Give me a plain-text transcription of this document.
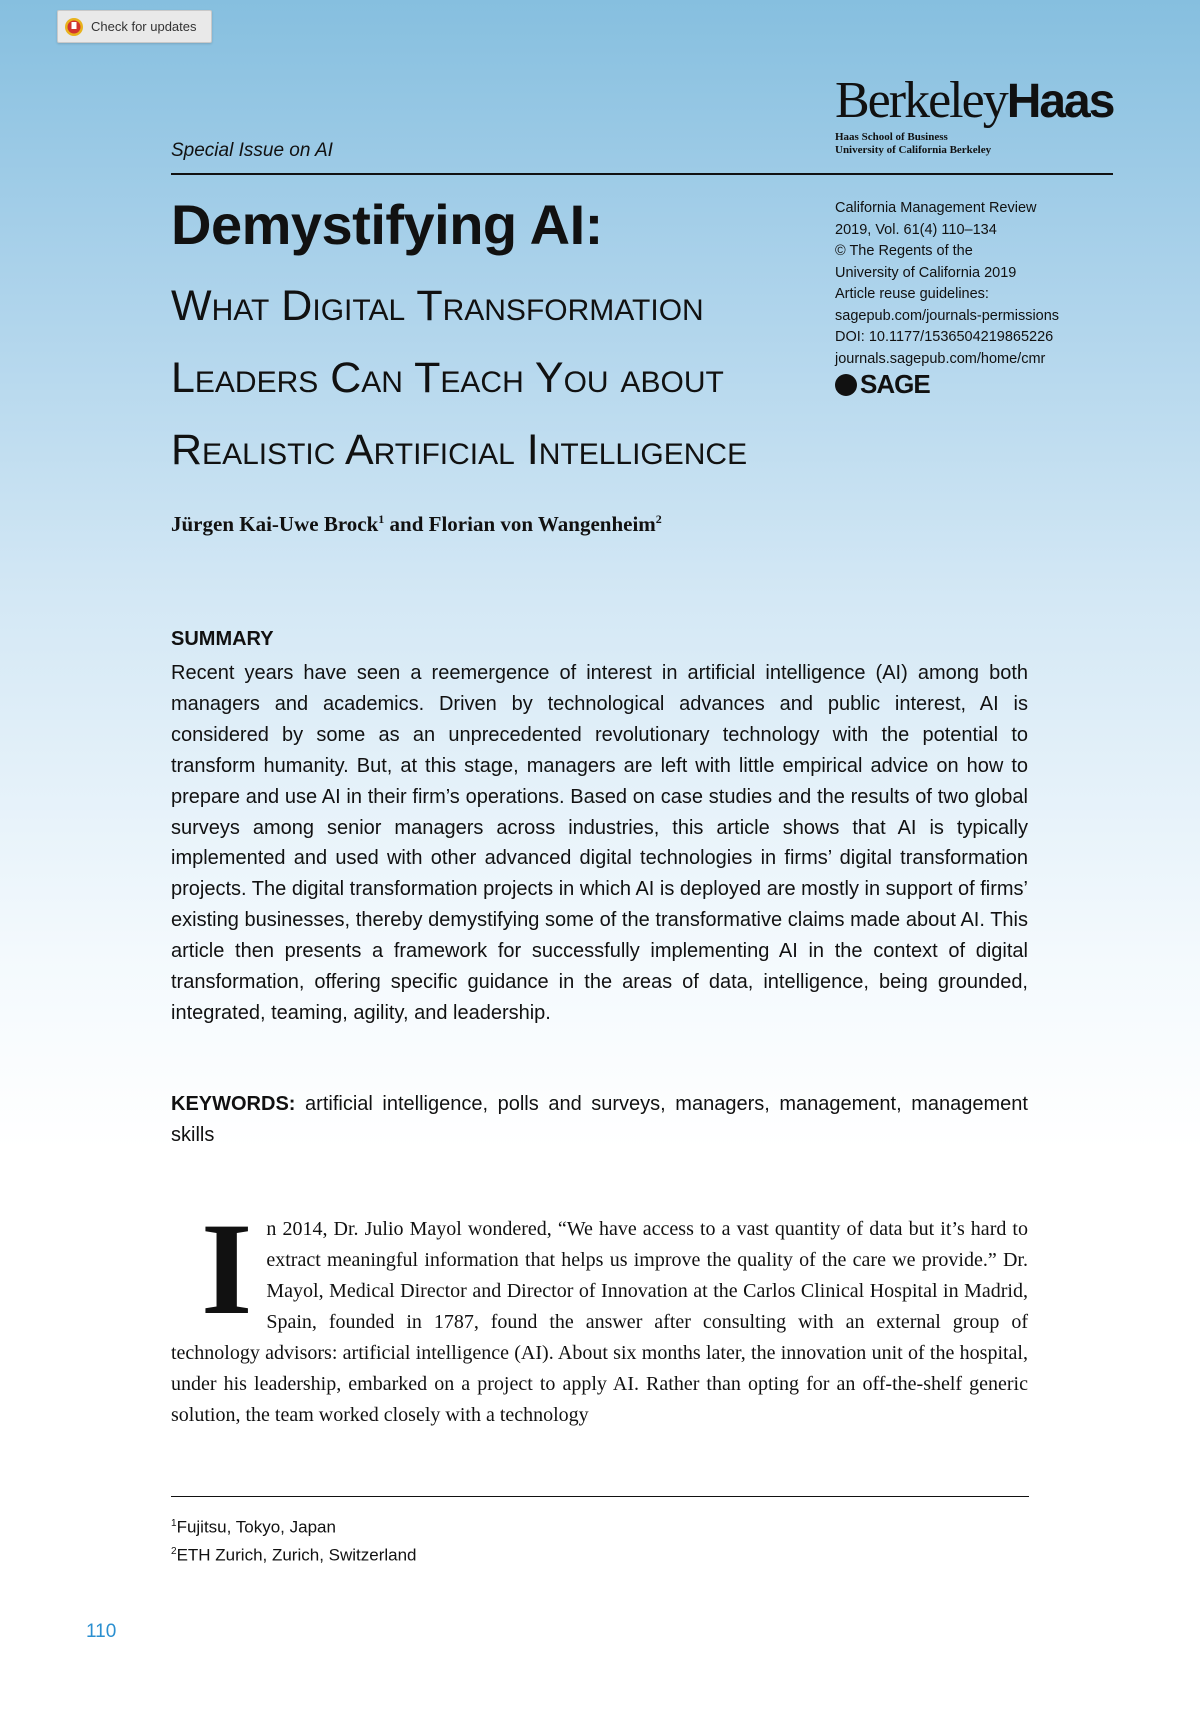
Check for updates
Special Issue on AI
BerkeleyHaas
Haas School of Business
University of California Berkeley
California Management Review
2019, Vol. 61(4) 110–134
© The Regents of the
University of California 2019
Article reuse guidelines:
sagepub.com/journals-permissions
DOI: 10.1177/1536504219865226
journals.sagepub.com/home/cmr
SAGE
Demystifying AI:
What Digital Transformation
Leaders Can Teach You about
Realistic Artificial Intelligence
Jürgen Kai-Uwe Brock$^1$ and Florian von Wangenheim$^2$
SUMMARY

Recent years have seen a reemergence of interest in artificial intelligence (AI) among both managers and academics. Driven by technological advances and public interest, AI is considered by some as an unprecedented revolutionary technology with the potential to transform humanity. But, at this stage, managers are left with little empirical advice on how to prepare and use AI in their firm’s operations. Based on case studies and the results of two global surveys among senior managers across industries, this article shows that AI is typically implemented and used with other advanced digital technologies in firms’ digital transformation projects. The digital transformation projects in which AI is deployed are mostly in support of firms’ existing businesses, thereby demystifying some of the transformative claims made about AI. This article then presents a framework for successfully implementing AI in the context of digital transformation, offering specific guidance in the areas of data, intelligence, being grounded, integrated, teaming, agility, and leadership.

KEYWORDS: artificial intelligence, polls and surveys, managers, management, management skills

In 2014, Dr. Julio Mayol wondered, “We have access to a vast quantity of data but it’s hard to extract meaningful information that helps us improve the quality of the care we provide.” Dr. Mayol, Medical Director and Director of Innovation at the Carlos Clinical Hospital in Madrid, Spain, founded in 1787, found the answer after consulting with an external group of technology advisors: artificial intelligence (AI). About six months later, the innovation unit of the hospital, under his leadership, embarked on a project to apply AI. Rather than opting for an off-the-shelf generic solution, the team worked closely with a technology

$^1$Fujitsu, Tokyo, Japan
$^2$ETH Zurich, Zurich, Switzerland
110
